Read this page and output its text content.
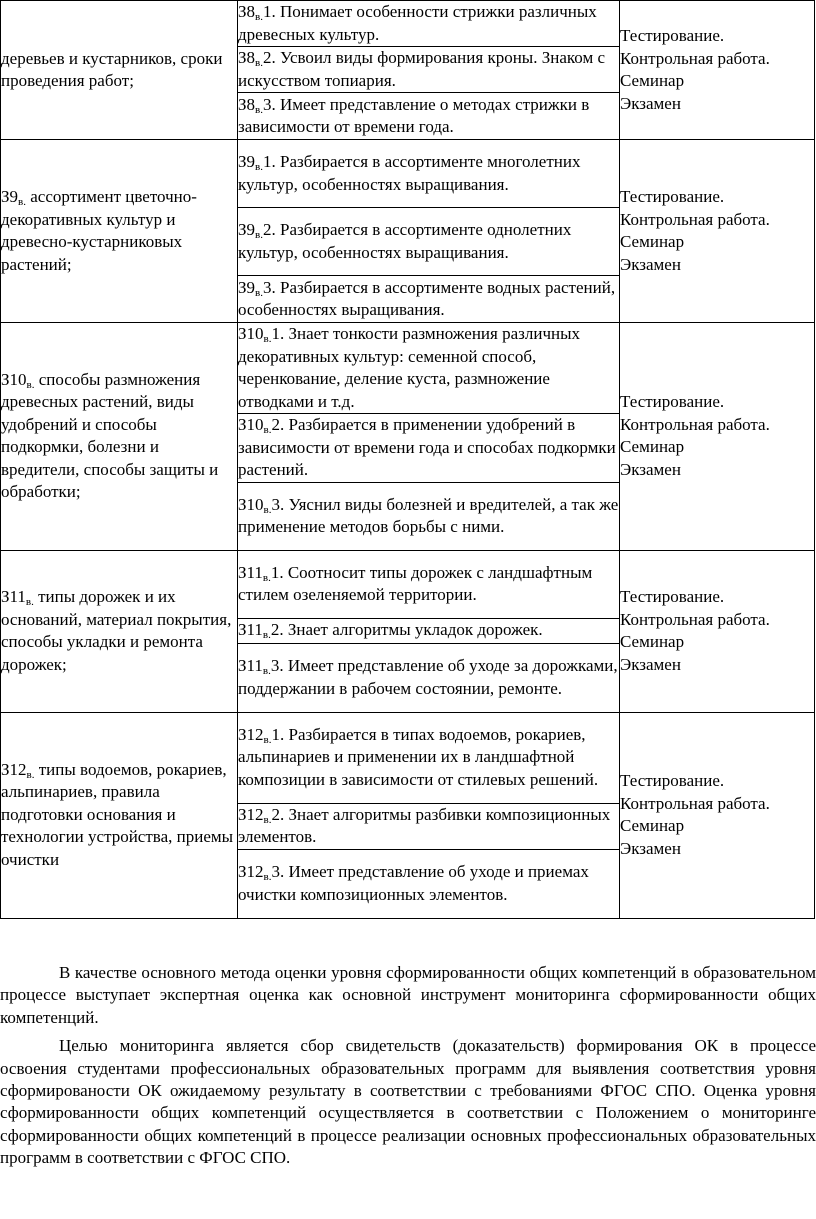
деревьев и кустарников, сроки проведения работ;	$З8_{в.}1$. Понимает особенности стрижки различных древесных культур.	Тестирование.
Контрольная работа.
Семинар
Экзамен

	$З8_{в.}2$. Усвоил виды формирования кроны. Знаком с искусством топиария.	
	$З8_{в.}3$. Имеет представление о методах стрижки в зависимости от времени года.	

$З9_{в.}$ ассортимент цветочно-декоративных культур и древесно-кустарниковых растений;	$З9_{в.}1$. Разбирается в ассортименте многолетних культур, особенностях выращивания.	Тестирование.
Контрольная работа.
Семинар
Экзамен

	$З9_{в.}2$. Разбирается в ассортименте однолетних культур, особенностях выращивания.	
	$З9_{в.}3$. Разбирается в ассортименте водных растений, особенностях выращивания.	

$З10_{в.}$ способы размножения древесных растений, виды удобрений и способы подкормки, болезни и вредители, способы защиты и обработки;	$З10_{в.}1$. Знает тонкости размножения различных декоративных культур: семенной способ, черенкование, деление куста, размножение отводками и т.д.	Тестирование.
Контрольная работа.
Семинар
Экзамен

	$З10_{в.}2$. Разбирается в применении удобрений в зависимости от времени года и способах подкормки растений.	
	$З10_{в.}3$. Уяснил виды болезней и вредителей, а так же применение методов борьбы с ними.	

$З11_{в.}$ типы дорожек и их оснований, материал покрытия, способы укладки и ремонта дорожек;	$З11_{в.}1$. Соотносит типы дорожек с ландшафтным стилем озеленяемой территории.	Тестирование.
Контрольная работа.
Семинар
Экзамен

	$З11_{в.}2$. Знает алгоритмы укладок дорожек.	
	$З11_{в.}3$. Имеет представление об уходе за дорожками, поддержании в рабочем состоянии, ремонте.	

$З12_{в.}$ типы водоемов, рокариев, альпинариев, правила подготовки основания и технологии устройства, приемы очистки	$З12_{в.}1$. Разбирается в типах водоемов, рокариев, альпинариев и применении их в ландшафтной композиции в зависимости от стилевых решений.	Тестирование.
Контрольная работа.
Семинар
Экзамен

	$З12_{в.}2$. Знает алгоритмы разбивки композиционных элементов.	
	$З12_{в.}3$. Имеет представление об уходе и приемах очистки композиционных элементов.	

В качестве основного метода оценки уровня сформированности общих компетенций в образовательном процессе выступает экспертная оценка как основной инструмент мониторинга сформированности общих компетенций.

Целью мониторинга является сбор свидетельств (доказательств) формирования ОК в процессе освоения студентами профессиональных образовательных программ для выявления соответствия уровня сформированости ОК ожидаемому результату в соответствии с требованиями ФГОС СПО. Оценка уровня сформированности общих компетенций осуществляется в соответствии с Положением о мониторинге сформированности общих компетенций в процессе реализации основных профессиональных образовательных программ в соответствии с ФГОС СПО.
